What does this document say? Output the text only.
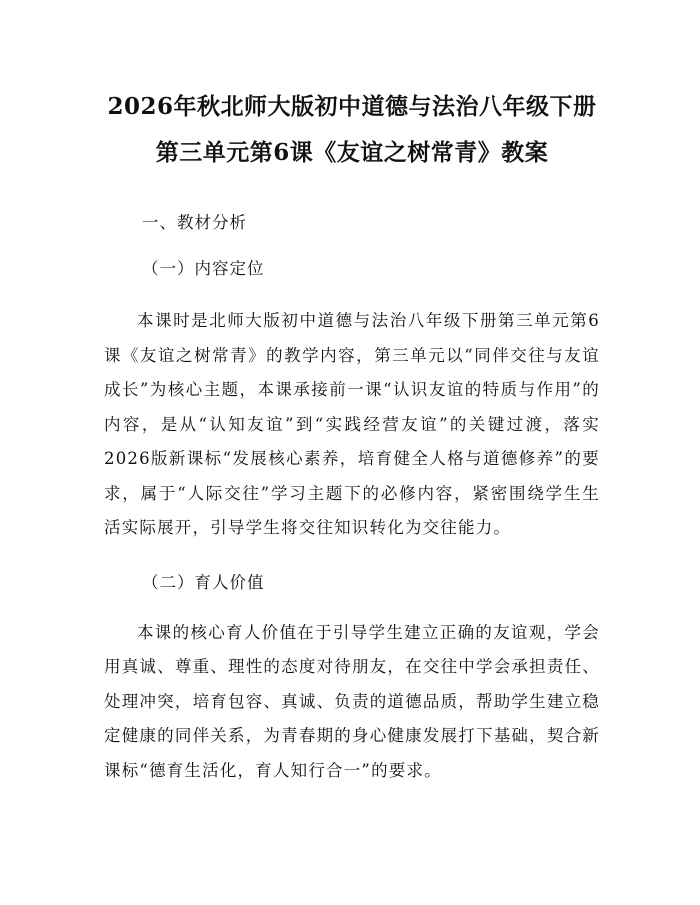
2026年秋北师大版初中道德与法治八年级下册第三单元第6课《友谊之树常青》教案

一、教材分析

（一）内容定位

本课时是北师大版初中道德与法治八年级下册第三单元第6课《友谊之树常青》的教学内容，第三单元以“同伴交往与友谊成长”为核心主题，本课承接前一课“认识友谊的特质与作用”的内容，是从“认知友谊”到“实践经营友谊”的关键过渡，落实2026版新课标“发展核心素养，培育健全人格与道德修养”的要求，属于“人际交往”学习主题下的必修内容，紧密围绕学生生活实际展开，引导学生将交往知识转化为交往能力。

（二）育人价值

本课的核心育人价值在于引导学生建立正确的友谊观，学会用真诚、尊重、理性的态度对待朋友，在交往中学会承担责任、处理冲突，培育包容、真诚、负责的道德品质，帮助学生建立稳定健康的同伴关系，为青春期的身心健康发展打下基础，契合新课标“德育生活化，育人知行合一”的要求。
